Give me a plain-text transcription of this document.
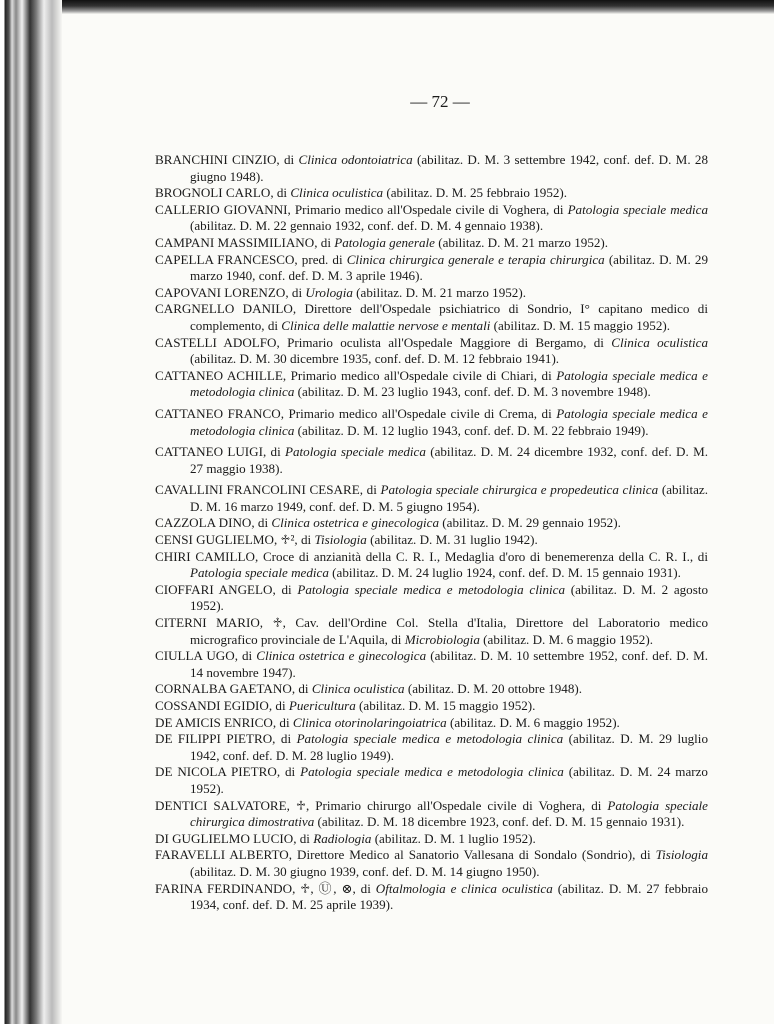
— 72 —

BRANCHINI CINZIO, di Clinica odontoiatrica (abilitaz. D. M. 3 settembre 1942, conf. def. D. M. 28 giugno 1948).

BROGNOLI CARLO, di Clinica oculistica (abilitaz. D. M. 25 febbraio 1952).

CALLERIO GIOVANNI, Primario medico all'Ospedale civile di Voghera, di Patologia speciale medica (abilitaz. D. M. 22 gennaio 1932, conf. def. D. M. 4 gennaio 1938).

CAMPANI MASSIMILIANO, di Patologia generale (abilitaz. D. M. 21 marzo 1952).

CAPELLA FRANCESCO, pred. di Clinica chirurgica generale e terapia chirurgica (abilitaz. D. M. 29 marzo 1940, conf. def. D. M. 3 aprile 1946).

CAPOVANI LORENZO, di Urologia (abilitaz. D. M. 21 marzo 1952).

CARGNELLO DANILO, Direttore dell'Ospedale psichiatrico di Sondrio, I° capitano medico di complemento, di Clinica delle malattie nervose e mentali (abilitaz. D. M. 15 maggio 1952).

CASTELLI ADOLFO, Primario oculista all'Ospedale Maggiore di Bergamo, di Clinica oculistica (abilitaz. D. M. 30 dicembre 1935, conf. def. D. M. 12 febbraio 1941).

CATTANEO ACHILLE, Primario medico all'Ospedale civile di Chiari, di Patologia speciale medica e metodologia clinica (abilitaz. D. M. 23 luglio 1943, conf. def. D. M. 3 novembre 1948).

CATTANEO FRANCO, Primario medico all'Ospedale civile di Crema, di Patologia speciale medica e metodologia clinica (abilitaz. D. M. 12 luglio 1943, conf. def. D. M. 22 febbraio 1949).

CATTANEO LUIGI, di Patologia speciale medica (abilitaz. D. M. 24 dicembre 1932, conf. def. D. M. 27 maggio 1938).

CAVALLINI FRANCOLINI CESARE, di Patologia speciale chirurgica e propedeutica clinica (abilitaz. D. M. 16 marzo 1949, conf. def. D. M. 5 giugno 1954).

CAZZOLA DINO, di Clinica ostetrica e ginecologica (abilitaz. D. M. 29 gennaio 1952).

CENSI GUGLIELMO, ♱², di Tisiologia (abilitaz. D. M. 31 luglio 1942).

CHIRI CAMILLO, Croce di anzianità della C. R. I., Medaglia d'oro di benemerenza della C. R. I., di Patologia speciale medica (abilitaz. D. M. 24 luglio 1924, conf. def. D. M. 15 gennaio 1931).

CIOFFARI ANGELO, di Patologia speciale medica e metodologia clinica (abilitaz. D. M. 2 agosto 1952).

CITERNI MARIO, ♱, Cav. dell'Ordine Col. Stella d'Italia, Direttore del Laboratorio medico micrografico provinciale de L'Aquila, di Microbiologia (abilitaz. D. M. 6 maggio 1952).

CIULLA UGO, di Clinica ostetrica e ginecologica (abilitaz. D. M. 10 settembre 1952, conf. def. D. M. 14 novembre 1947).

CORNALBA GAETANO, di Clinica oculistica (abilitaz. D. M. 20 ottobre 1948).

COSSANDI EGIDIO, di Puericultura (abilitaz. D. M. 15 maggio 1952).

DE AMICIS ENRICO, di Clinica otorinolaringoiatrica (abilitaz. D. M. 6 maggio 1952).

DE FILIPPI PIETRO, di Patologia speciale medica e metodologia clinica (abilitaz. D. M. 29 luglio 1942, conf. def. D. M. 28 luglio 1949).

DE NICOLA PIETRO, di Patologia speciale medica e metodologia clinica (abilitaz. D. M. 24 marzo 1952).

DENTICI SALVATORE, ♱, Primario chirurgo all'Ospedale civile di Voghera, di Patologia speciale chirurgica dimostrativa (abilitaz. D. M. 18 dicembre 1923, conf. def. D. M. 15 gennaio 1931).

DI GUGLIELMO LUCIO, di Radiologia (abilitaz. D. M. 1 luglio 1952).

FARAVELLI ALBERTO, Direttore Medico al Sanatorio Vallesana di Sondalo (Sondrio), di Tisiologia (abilitaz. D. M. 30 giugno 1939, conf. def. D. M. 14 giugno 1950).

FARINA FERDINANDO, ♱, Ⓤ, ⊗, di Oftalmologia e clinica oculistica (abilitaz. D. M. 27 febbraio 1934, conf. def. D. M. 25 aprile 1939).
